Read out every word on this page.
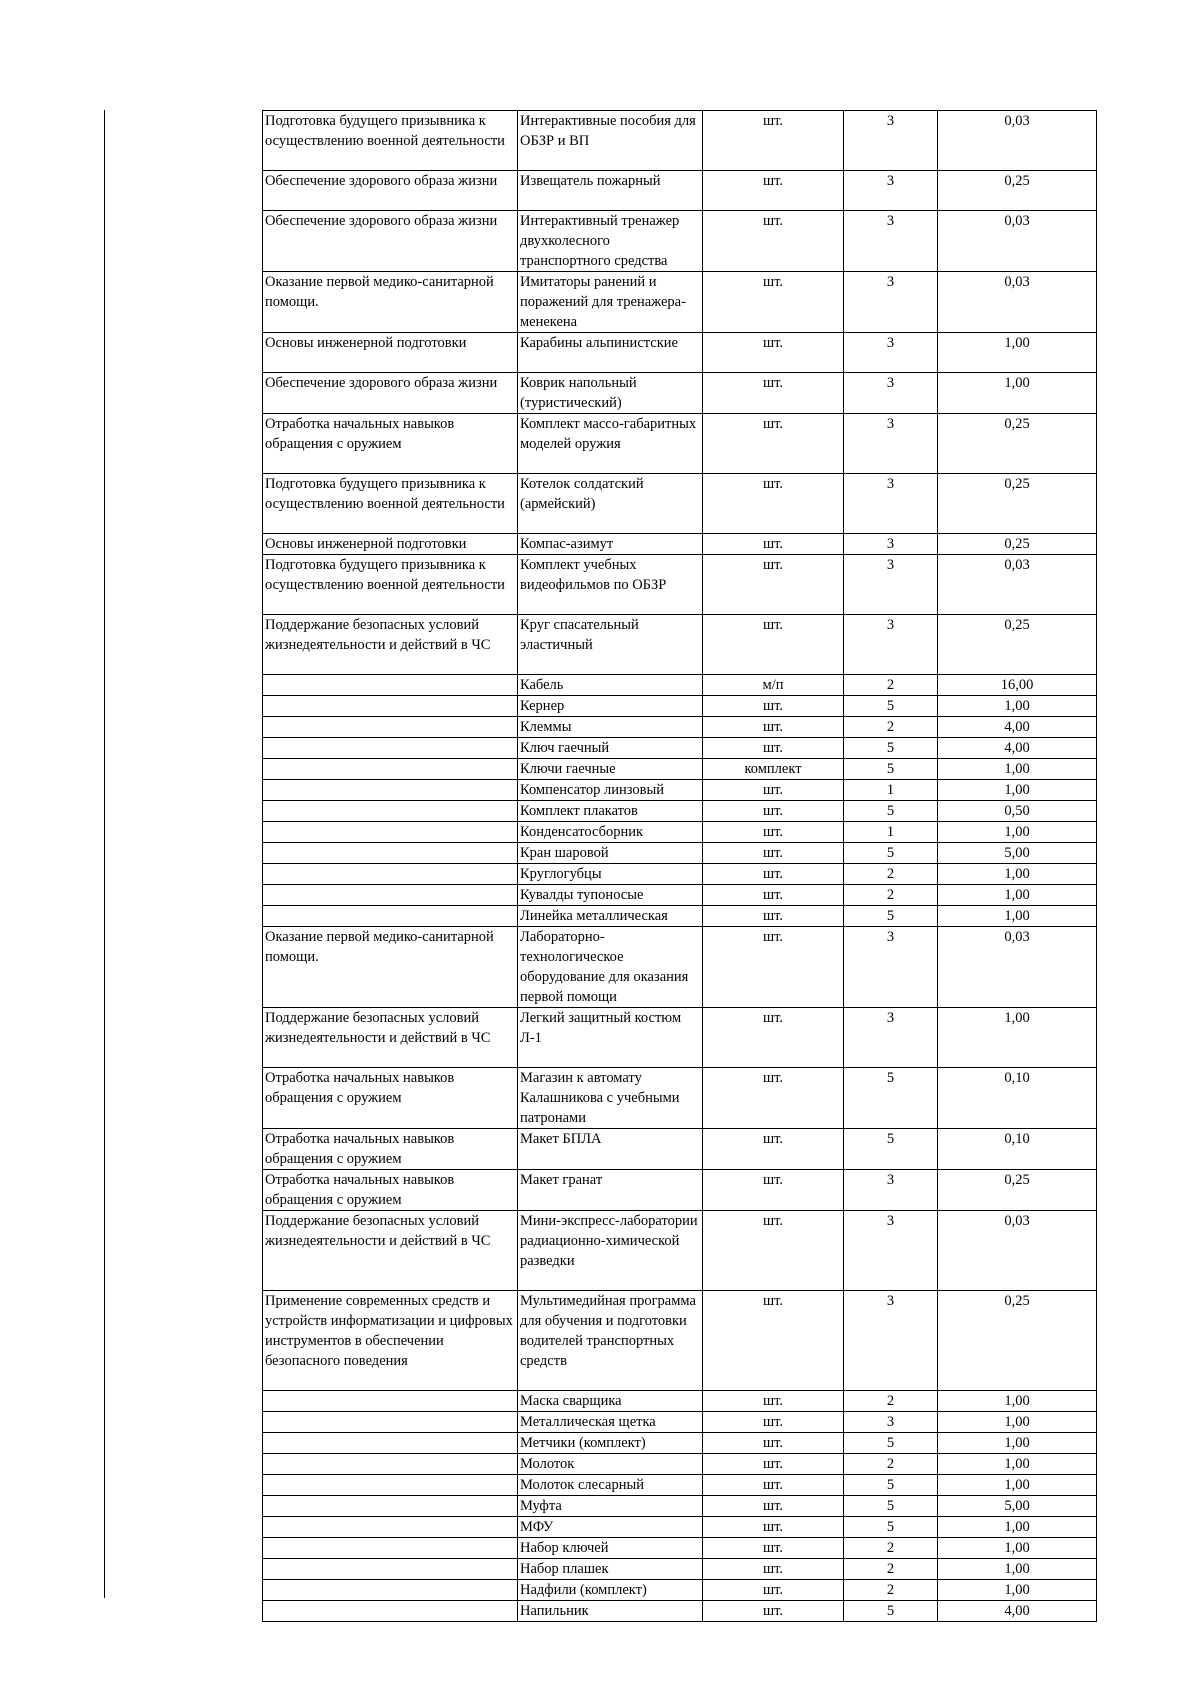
Подготовка будущего призывника к осуществлению военной деятельности	Интерактивные пособия для ОБЗР и ВП	шт.	3	0,03
Обеспечение здорового образа жизни	Извещатель пожарный	шт.	3	0,25
Обеспечение здорового образа жизни	Интерактивный тренажер двухколесного транспортного средства	шт.	3	0,03
Оказание первой медико-санитарной помощи.	Имитаторы ранений и поражений для тренажера-менекена	шт.	3	0,03
Основы инженерной подготовки	Карабины альпинистские	шт.	3	1,00
Обеспечение здорового образа жизни	Коврик напольный (туристический)	шт.	3	1,00
Отработка начальных навыков обращения с оружием	Комплект массо-габаритных моделей оружия	шт.	3	0,25
Подготовка будущего призывника к осуществлению военной деятельности	Котелок солдатский (армейский)	шт.	3	0,25
Основы инженерной подготовки	Компас-азимут	шт.	3	0,25
Подготовка будущего призывника к осуществлению военной деятельности	Комплект учебных видеофильмов по ОБЗР	шт.	3	0,03
Поддержание безопасных условий жизнедеятельности и действий в ЧС	Круг спасательный эластичный	шт.	3	0,25
	Кабель	м/п	2	16,00
	Кернер	шт.	5	1,00
	Клеммы	шт.	2	4,00
	Ключ гаечный	шт.	5	4,00
	Ключи гаечные	комплект	5	1,00
	Компенсатор линзовый	шт.	1	1,00
	Комплект плакатов	шт.	5	0,50
	Конденсатосборник	шт.	1	1,00
	Кран шаровой	шт.	5	5,00
	Круглогубцы	шт.	2	1,00
	Кувалды тупоносые	шт.	2	1,00
	Линейка металлическая	шт.	5	1,00
Оказание первой медико-санитарной помощи.	Лабораторно-технологическое оборудование для оказания первой помощи	шт.	3	0,03
Поддержание безопасных условий жизнедеятельности и действий в ЧС	Легкий защитный костюм Л-1	шт.	3	1,00
Отработка начальных навыков обращения с оружием	Магазин к автомату Калашникова с учебными патронами	шт.	5	0,10
Отработка начальных навыков обращения с оружием	Макет БПЛА	шт.	5	0,10
Отработка начальных навыков обращения с оружием	Макет гранат	шт.	3	0,25
Поддержание безопасных условий жизнедеятельности и действий в ЧС	Мини-экспресс-лаборатории радиационно-химической разведки	шт.	3	0,03
Применение современных средств и устройств информатизации и цифровых инструментов в обеспечении безопасного поведения	Мультимедийная программа для обучения и подготовки водителей транспортных средств	шт.	3	0,25
	Маска сварщика	шт.	2	1,00
	Металлическая щетка	шт.	3	1,00
	Метчики (комплект)	шт.	5	1,00
	Молоток	шт.	2	1,00
	Молоток слесарный	шт.	5	1,00
	Муфта	шт.	5	5,00
	МФУ	шт.	5	1,00
	Набор ключей	шт.	2	1,00
	Набор плашек	шт.	2	1,00
	Надфили (комплект)	шт.	2	1,00
	Напильник	шт.	5	4,00
